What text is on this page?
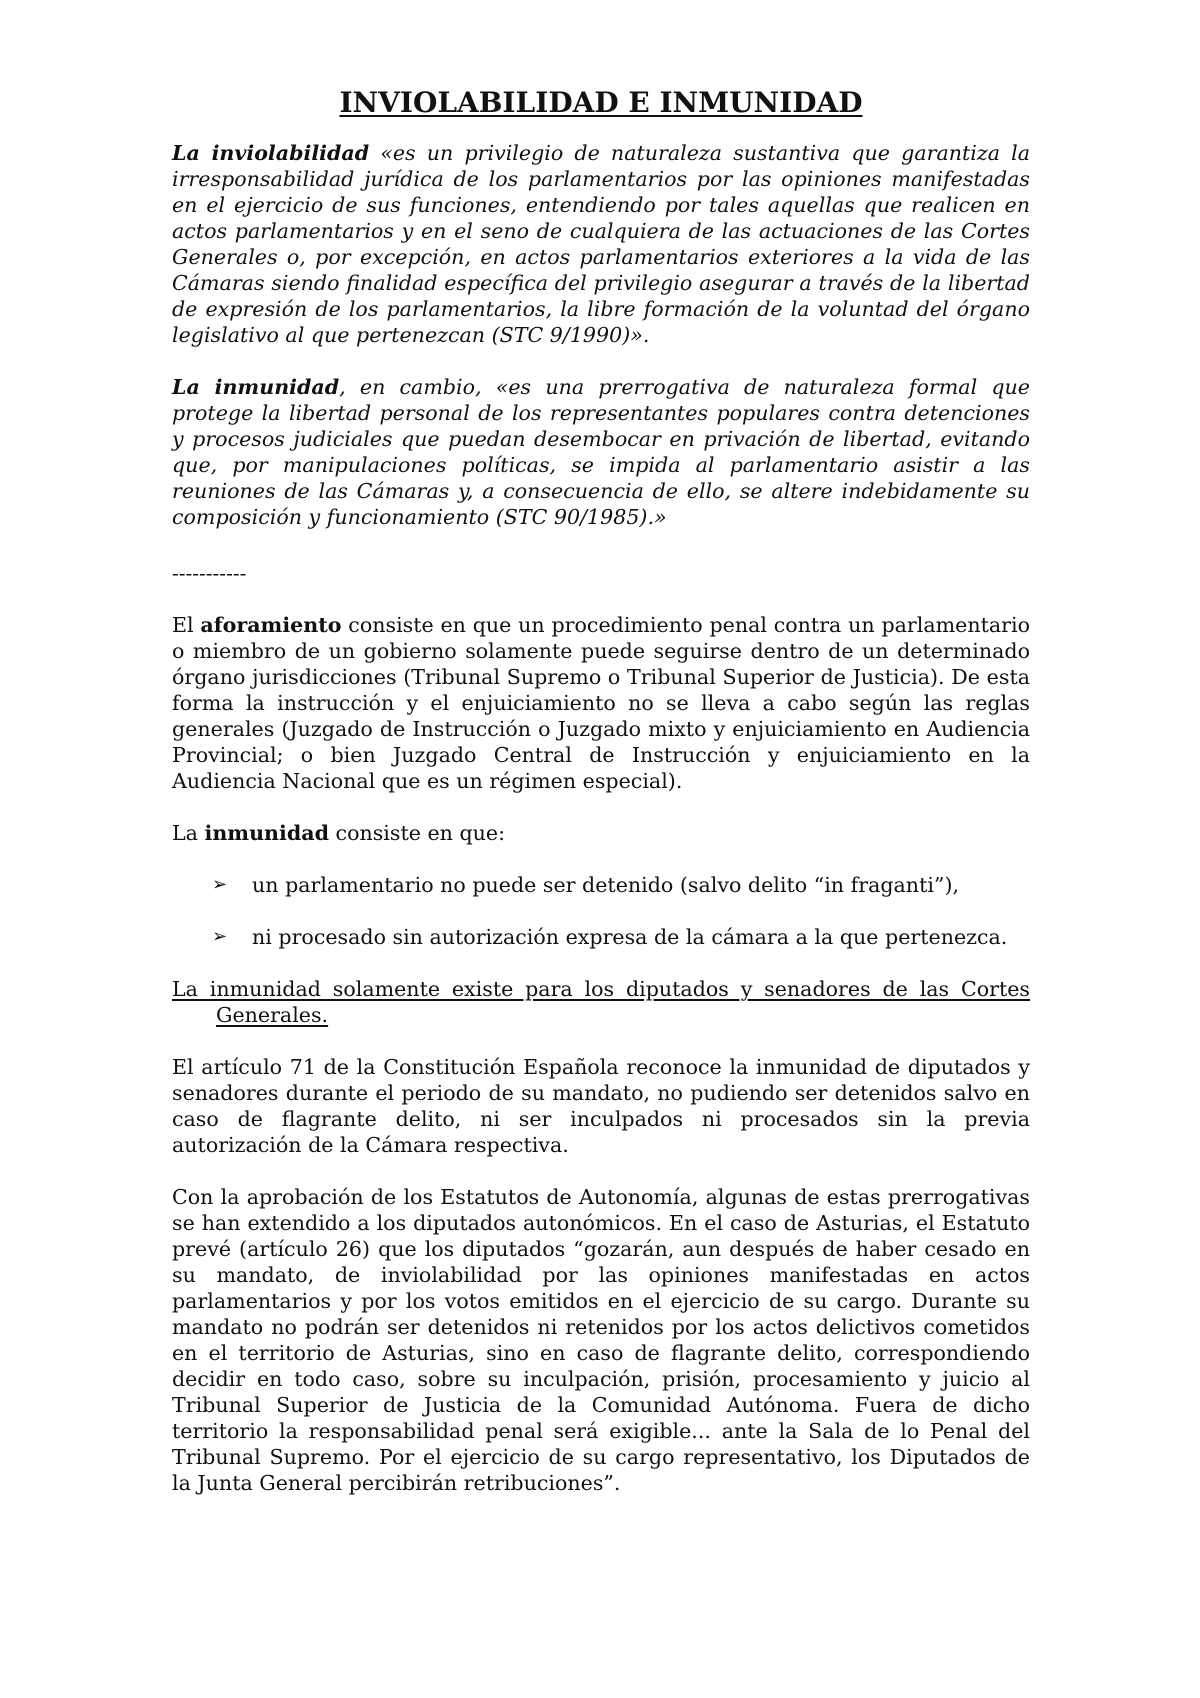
INVIOLABILIDAD E INMUNIDAD

La inviolabilidad «es un privilegio de naturaleza sustantiva que garantiza la irresponsabilidad jurídica de los parlamentarios por las opiniones manifestadas en el ejercicio de sus funciones, entendiendo por tales aquellas que realicen en actos parlamentarios y en el seno de cualquiera de las actuaciones de las Cortes Generales o, por excepción, en actos parlamentarios exteriores a la vida de las Cámaras siendo finalidad específica del privilegio asegurar a través de la libertad de expresión de los parlamentarios, la libre formación de la voluntad del órgano legislativo al que pertenezcan (STC 9/1990)».

La inmunidad, en cambio, «es una prerrogativa de naturaleza formal que protege la libertad personal de los representantes populares contra detenciones y procesos judiciales que puedan desembocar en privación de libertad, evitando que, por manipulaciones políticas, se impida al parlamentario asistir a las reuniones de las Cámaras y, a consecuencia de ello, se altere indebidamente su composición y funcionamiento (STC 90/1985).»

-----------

El aforamiento consiste en que un procedimiento penal contra un parlamentario o miembro de un gobierno solamente puede seguirse dentro de un determinado órgano jurisdicciones (Tribunal Supremo o Tribunal Superior de Justicia). De esta forma la instrucción y el enjuiciamiento no se lleva a cabo según las reglas generales (Juzgado de Instrucción o Juzgado mixto y enjuiciamiento en Audiencia Provincial; o bien Juzgado Central de Instrucción y enjuiciamiento en la Audiencia Nacional que es un régimen especial).

La inmunidad consiste en que:

➢ un parlamentario no puede ser detenido (salvo delito “in fraganti”),
➢ ni procesado sin autorización expresa de la cámara a la que pertenezca.

La inmunidad solamente existe para los diputados y senadores de las Cortes Generales.

El artículo 71 de la Constitución Española reconoce la inmunidad de diputados y senadores durante el periodo de su mandato, no pudiendo ser detenidos salvo en caso de flagrante delito, ni ser inculpados ni procesados sin la previa autorización de la Cámara respectiva.

Con la aprobación de los Estatutos de Autonomía, algunas de estas prerrogativas se han extendido a los diputados autonómicos. En el caso de Asturias, el Estatuto prevé (artículo 26) que los diputados “gozarán, aun después de haber cesado en su mandato, de inviolabilidad por las opiniones manifestadas en actos parlamentarios y por los votos emitidos en el ejercicio de su cargo. Durante su mandato no podrán ser detenidos ni retenidos por los actos delictivos cometidos en el territorio de Asturias, sino en caso de flagrante delito, correspondiendo decidir en todo caso, sobre su inculpación, prisión, procesamiento y juicio al Tribunal Superior de Justicia de la Comunidad Autónoma. Fuera de dicho territorio la responsabilidad penal será exigible... ante la Sala de lo Penal del Tribunal Supremo. Por el ejercicio de su cargo representativo, los Diputados de la Junta General percibirán retribuciones”.
